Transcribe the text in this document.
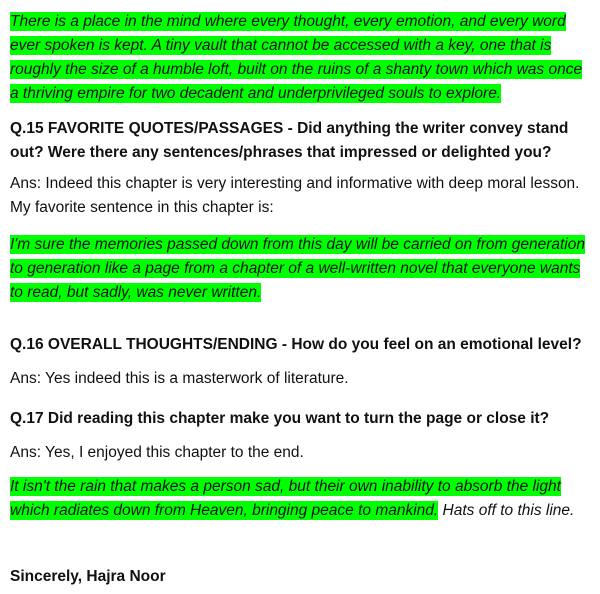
There is a place in the mind where every thought, every emotion, and every word ever spoken is kept. A tiny vault that cannot be accessed with a key, one that is roughly the size of a humble loft, built on the ruins of a shanty town which was once a thriving empire for two decadent and underprivileged souls to explore.

Q.15 FAVORITE QUOTES/PASSAGES - Did anything the writer convey stand out? Were there any sentences/phrases that impressed or delighted you?

Ans: Indeed this chapter is very interesting and informative with deep moral lesson. My favorite sentence in this chapter is:

I'm sure the memories passed down from this day will be carried on from generation to generation like a page from a chapter of a well-written novel that everyone wants to read, but sadly, was never written.

Q.16 OVERALL THOUGHTS/ENDING - How do you feel on an emotional level?

Ans: Yes indeed this is a masterwork of literature.

Q.17 Did reading this chapter make you want to turn the page or close it?

Ans: Yes, I enjoyed this chapter to the end.

It isn't the rain that makes a person sad, but their own inability to absorb the light which radiates down from Heaven, bringing peace to mankind. Hats off to this line.

Sincerely, Hajra Noor
